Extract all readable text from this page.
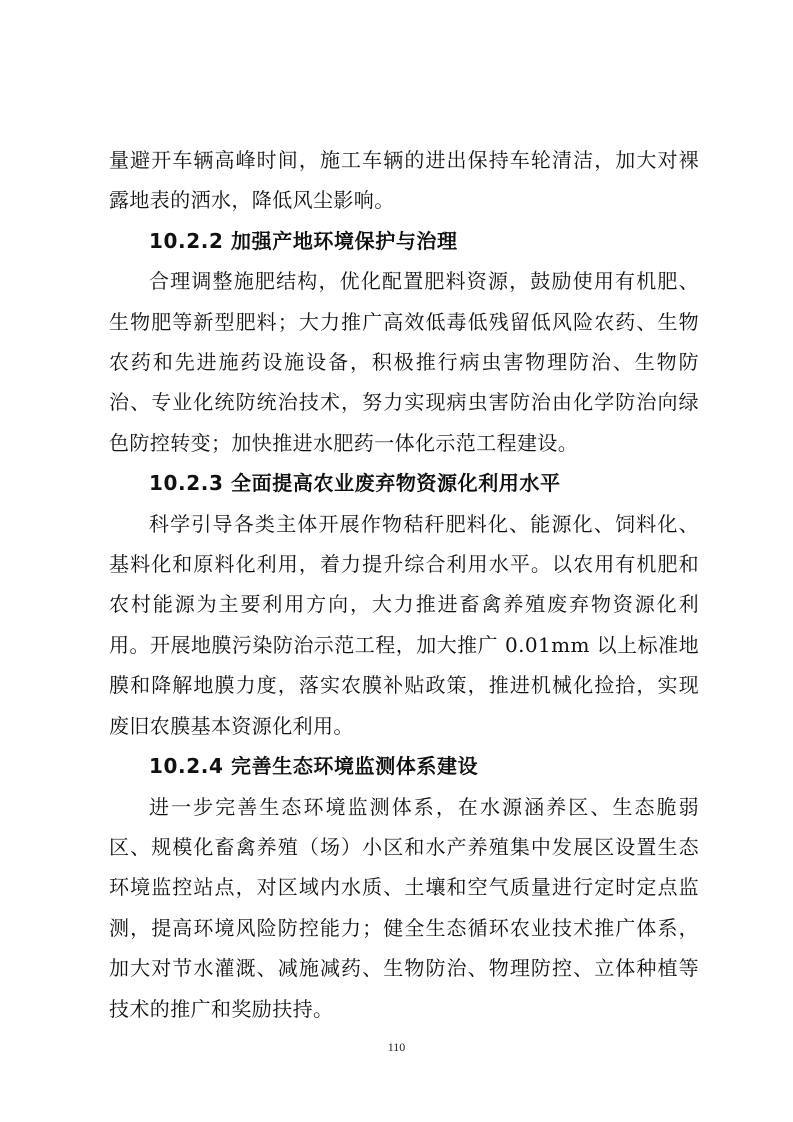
量避开车辆高峰时间，施工车辆的进出保持车轮清洁，加大对裸露地表的洒水，降低风尘影响。

10.2.2 加强产地环境保护与治理

合理调整施肥结构，优化配置肥料资源，鼓励使用有机肥、生物肥等新型肥料；大力推广高效低毒低残留低风险农药、生物农药和先进施药设施设备，积极推行病虫害物理防治、生物防治、专业化统防统治技术，努力实现病虫害防治由化学防治向绿色防控转变；加快推进水肥药一体化示范工程建设。

10.2.3 全面提高农业废弃物资源化利用水平

科学引导各类主体开展作物秸秆肥料化、能源化、饲料化、基料化和原料化利用，着力提升综合利用水平。以农用有机肥和农村能源为主要利用方向，大力推进畜禽养殖废弃物资源化利用。开展地膜污染防治示范工程，加大推广 0.01mm 以上标准地膜和降解地膜力度，落实农膜补贴政策，推进机械化捡拾，实现废旧农膜基本资源化利用。

10.2.4 完善生态环境监测体系建设

进一步完善生态环境监测体系，在水源涵养区、生态脆弱区、规模化畜禽养殖（场）小区和水产养殖集中发展区设置生态环境监控站点，对区域内水质、土壤和空气质量进行定时定点监测，提高环境风险防控能力；健全生态循环农业技术推广体系，加大对节水灌溉、减施减药、生物防治、物理防控、立体种植等技术的推广和奖励扶持。

110
